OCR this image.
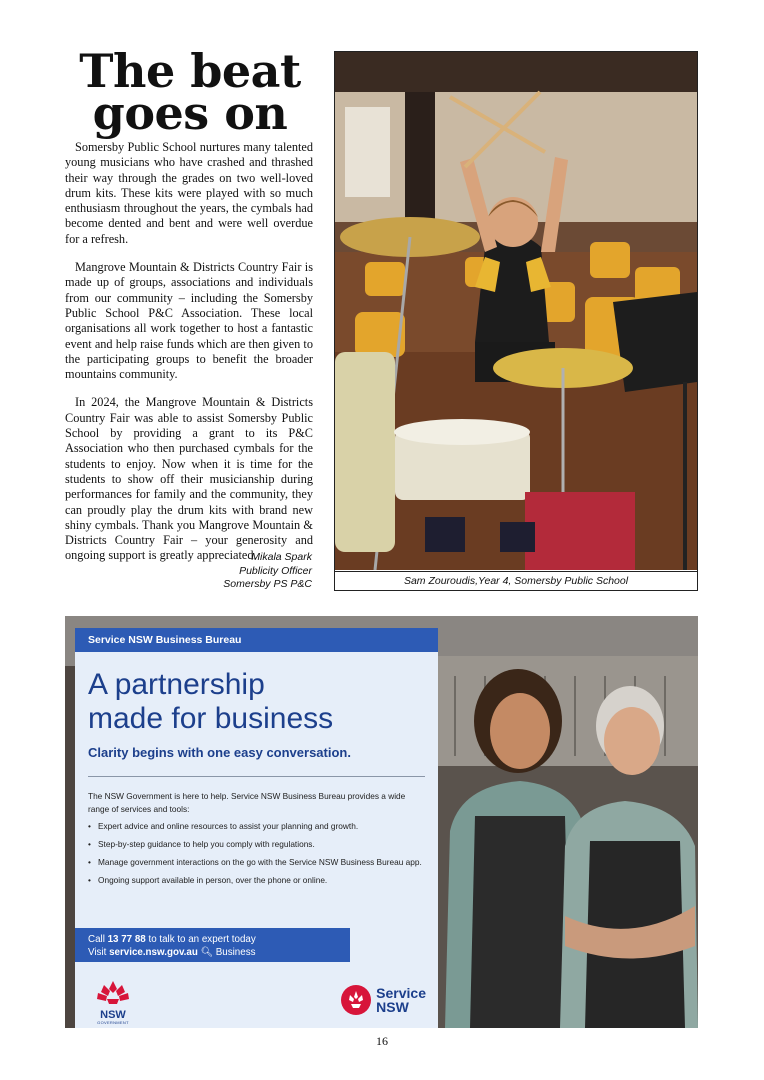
The beat
goes on

Somersby Public School nurtures many talented young musicians who have crashed and thrashed their way through the grades on two well-loved drum kits. These kits were played with so much enthusiasm throughout the years, the cymbals had become dented and bent and were well overdue for a refresh.

Mangrove Mountain & Districts Country Fair is made up of groups, associations and individuals from our community – including the Somersby Public School P&C Association. These local organisations all work together to host a fantastic event and help raise funds which are then given to the participating groups to benefit the broader mountains community.

In 2024, the Mangrove Mountain & Districts Country Fair was able to assist Somersby Public School by providing a grant to its P&C Association who then purchased cymbals for the students to enjoy. Now when it is time for the students to show off their musicianship during performances for family and the community, they can proudly play the drum kits with brand new shiny cymbals. Thank you Mangrove Mountain & Districts Country Fair – your generosity and ongoing support is greatly appreciated.

Mikala Spark
Publicity Officer
Somersby PS P&C	Sam Zouroudis,Year 4, Somersby Public School
Service NSW Business Bureau
A partnership
made for business
Clarity begins with one easy conversation.
The NSW Government is here to help. Service NSW Business Bureau provides a wide range of services and tools:
• Expert advice and online resources to assist your planning and growth.
• Step-by-step guidance to help you comply with regulations.
• Manage government interactions on the go with the Service NSW Business Bureau app.
• Ongoing support available in person, over the phone or online.
Call 13 77 88 to talk to an expert today
Visit service.nsw.gov.au 🔍︎ Business
NSW
GOVERNMENT
Service
NSW
16
